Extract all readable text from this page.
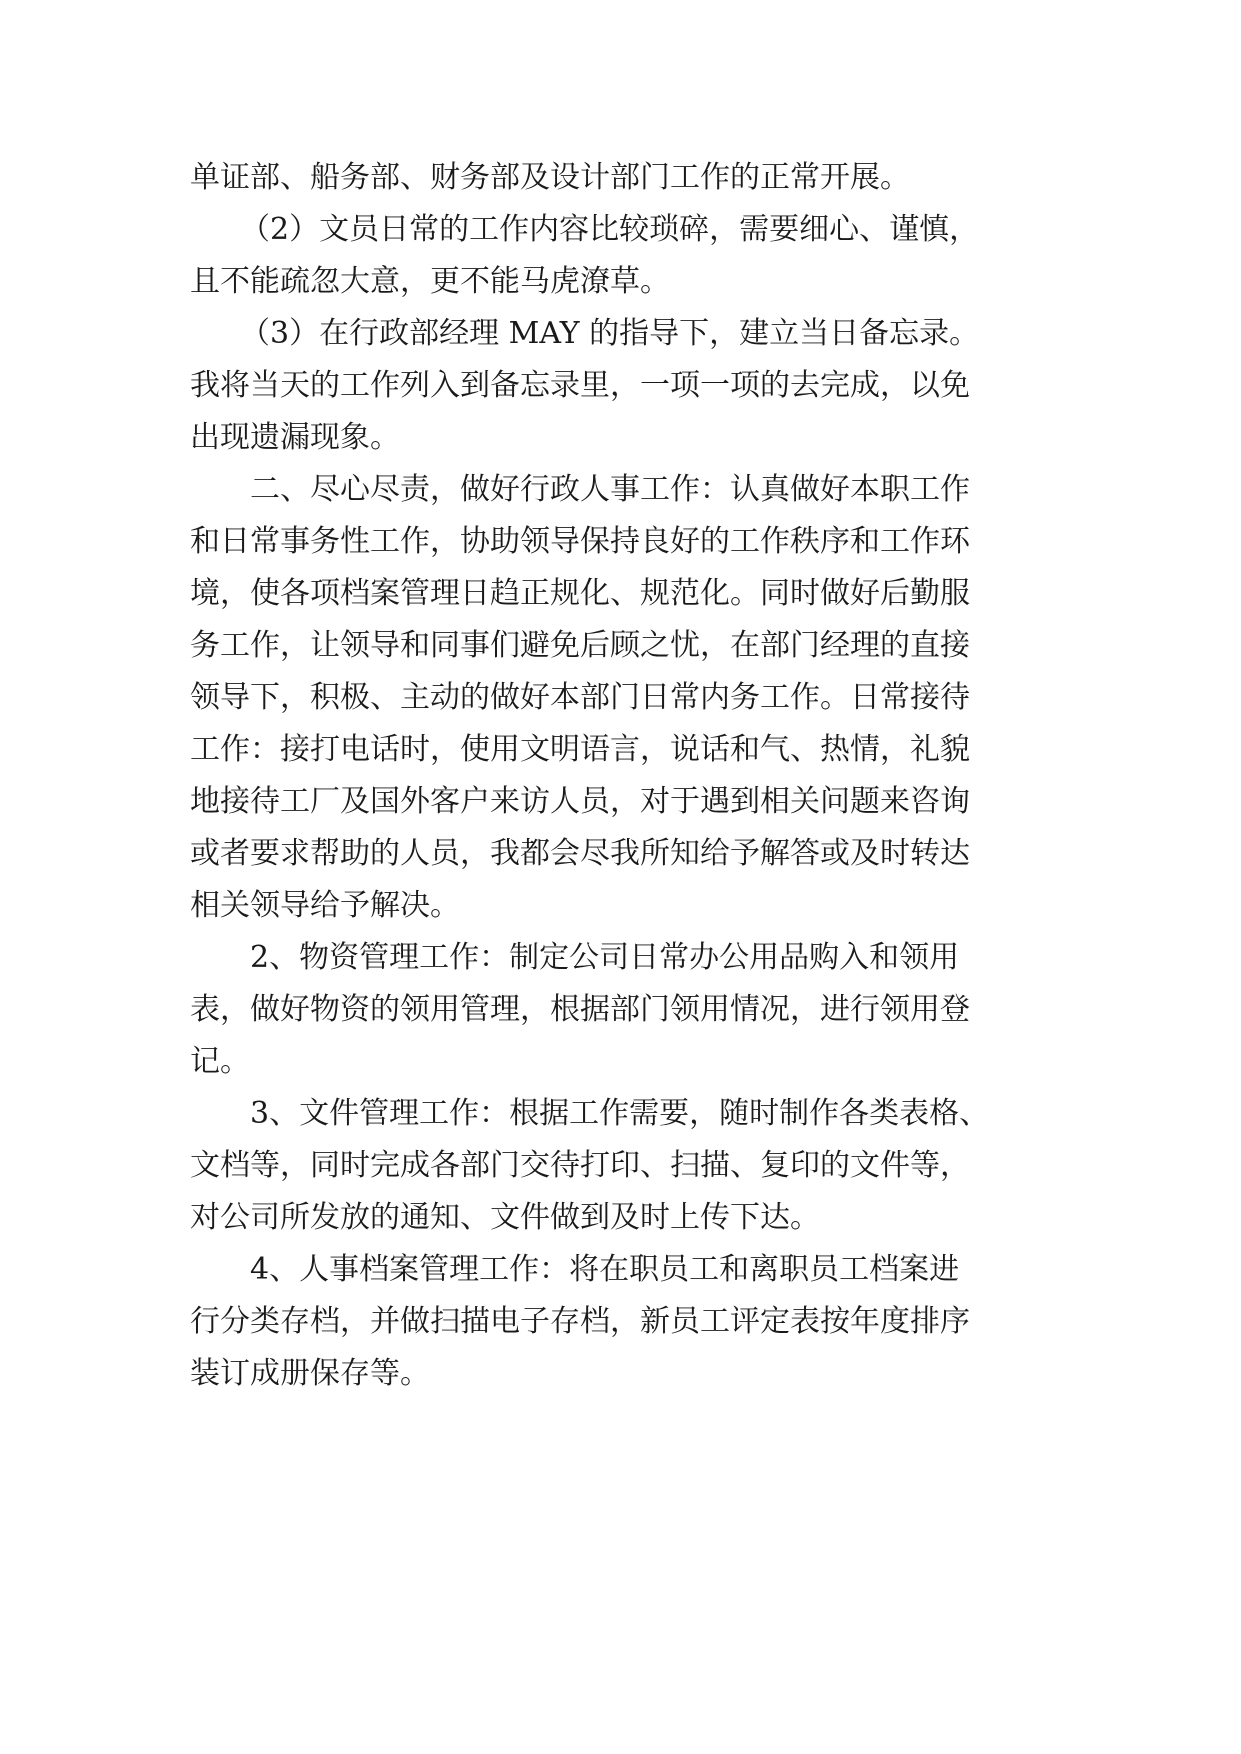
单证部、船务部、财务部及设计部门工作的正常开展。
（2）文员日常的工作内容比较琐碎，需要细心、谨慎，
且不能疏忽大意，更不能马虎潦草。
（3）在行政部经理 MAY 的指导下，建立当日备忘录。
我将当天的工作列入到备忘录里，一项一项的去完成，以免
出现遗漏现象。
二、尽心尽责，做好行政人事工作：认真做好本职工作
和日常事务性工作，协助领导保持良好的工作秩序和工作环
境，使各项档案管理日趋正规化、规范化。同时做好后勤服
务工作，让领导和同事们避免后顾之忧，在部门经理的直接
领导下，积极、主动的做好本部门日常内务工作。日常接待
工作：接打电话时，使用文明语言，说话和气、热情，礼貌
地接待工厂及国外客户来访人员，对于遇到相关问题来咨询
或者要求帮助的人员，我都会尽我所知给予解答或及时转达
相关领导给予解决。
2、物资管理工作：制定公司日常办公用品购入和领用
表，做好物资的领用管理，根据部门领用情况，进行领用登
记。
3、文件管理工作：根据工作需要，随时制作各类表格、
文档等，同时完成各部门交待打印、扫描、复印的文件等，
对公司所发放的通知、文件做到及时上传下达。
4、人事档案管理工作：将在职员工和离职员工档案进
行分类存档，并做扫描电子存档，新员工评定表按年度排序
装订成册保存等。
